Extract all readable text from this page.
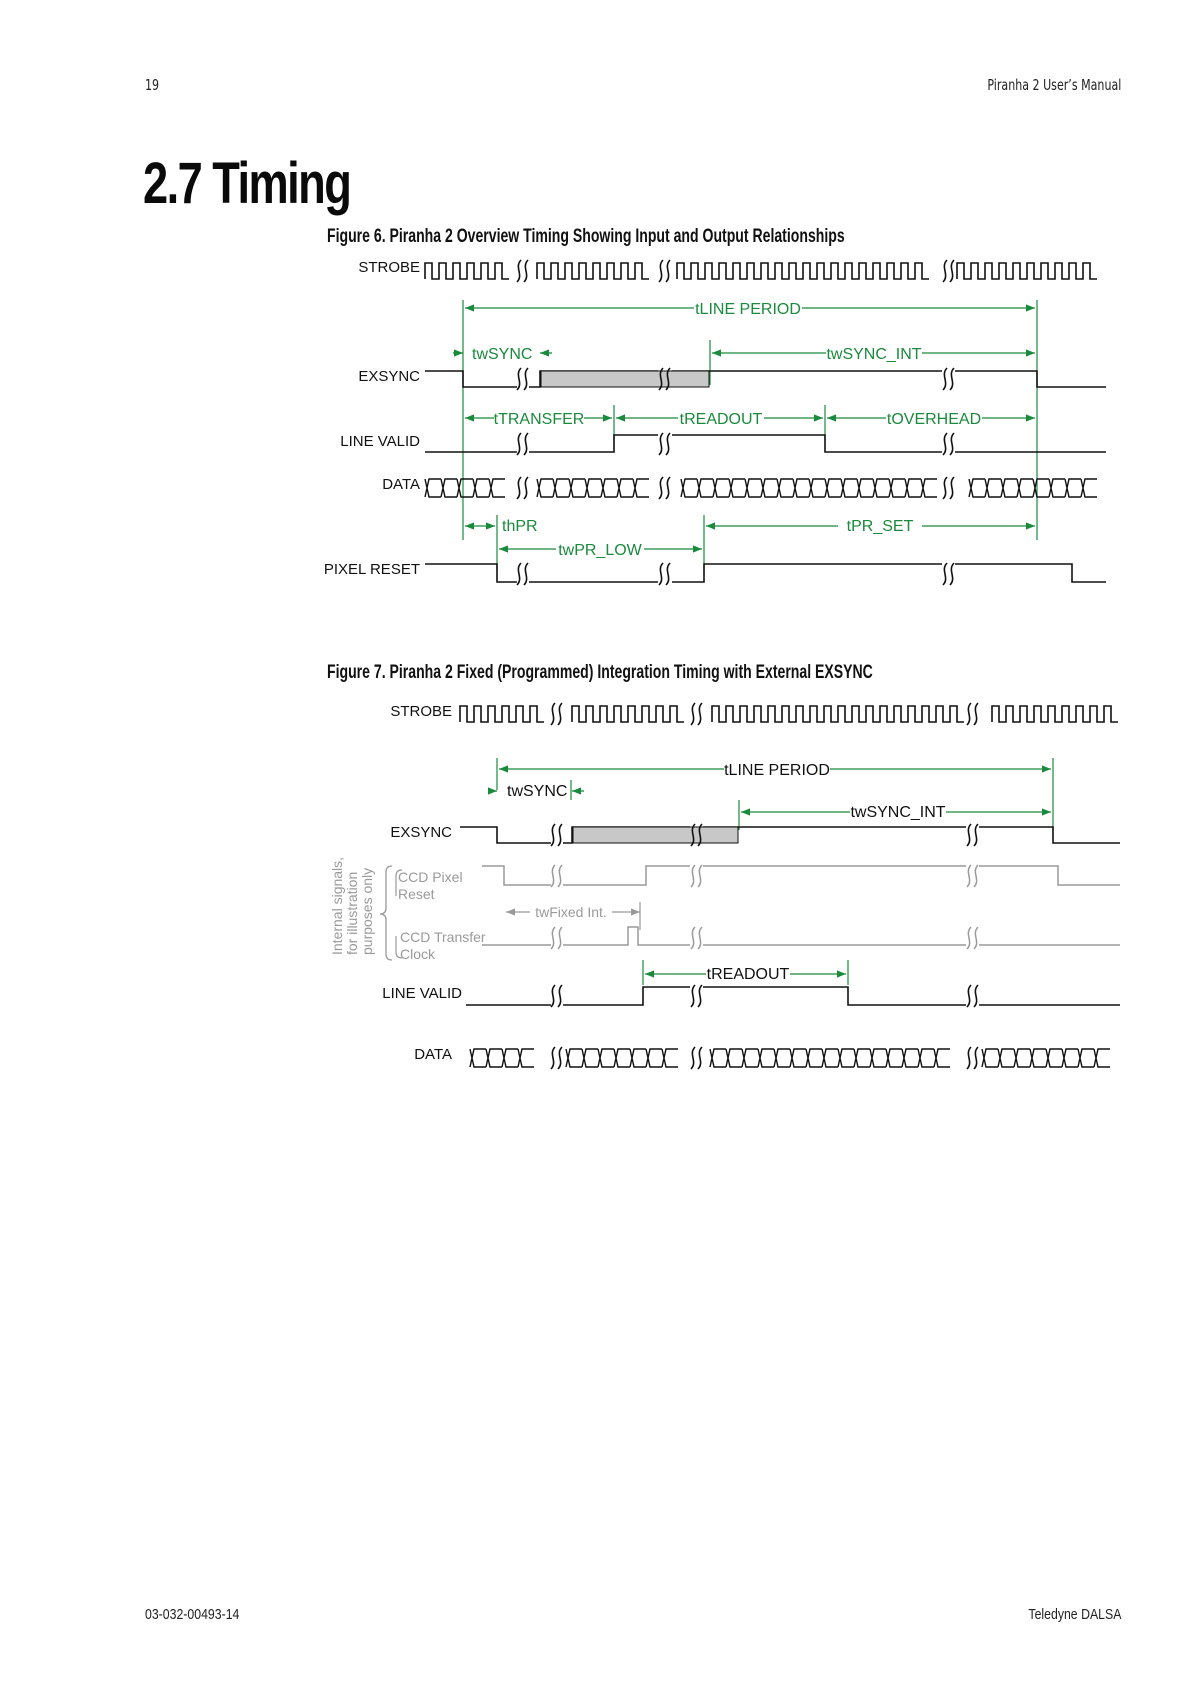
19	Piranha 2 User’s Manual
2.7 Timing
Figure 6. Piranha 2 Overview Timing Showing Input and Output Relationships
Figure 7. Piranha 2 Fixed (Programmed) Integration Timing with External EXSYNC
STROBE
EXSYNC
LINE VALID
DATA
PIXEL RESET
tLINE PERIOD
twSYNC	twSYNC_INT
tTRANSFER	tREADOUT	tOVERHEAD
thPR
twPR_LOW
tPR_SET
STROBE
EXSYNC
LINE VALID
DATA
Internal signals, for illustration purposes only CCD Pixel
Reset
CCD Transfer
Clock
tLINE PERIOD
twSYNC
twSYNC_INT
twFixed Int.
tREADOUT
03-032-00493-14	Teledyne DALSA
